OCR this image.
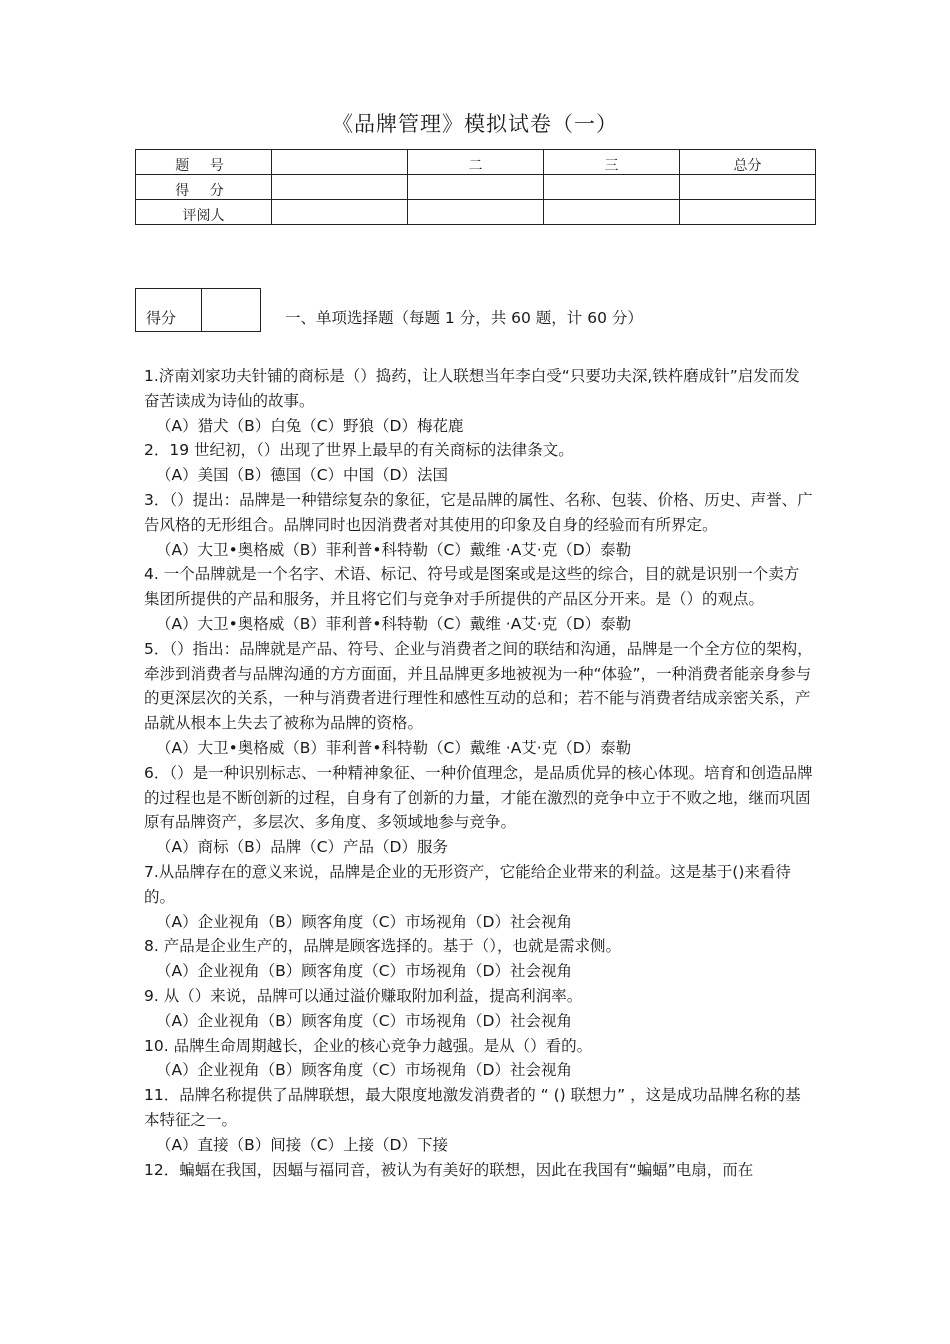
《品牌管理》模拟试卷（一）
题 号		二	三	总分
得 分				
评阅人				
得分	一、单项选择题（每题 1 分，共 60 题，计 60 分）

1.济南刘家功夫针铺的商标是（）捣药，让人联想当年李白受“只要功夫深,铁杵磨成针”启发而发奋苦读成为诗仙的故事。

（A）猎犬（B）白兔（C）野狼（D）梅花鹿

2．19 世纪初，（）出现了世界上最早的有关商标的法律条文。

（A）美国（B）德国（C）中国（D）法国

3．（）提出：品牌是一种错综复杂的象征，它是品牌的属性、名称、包装、价格、历史、声誉、广告风格的无形组合。品牌同时也因消费者对其使用的印象及自身的经验而有所界定。

（A）大卫•奥格威（B）菲利普•科特勒（C）戴维 ·A艾·克（D）泰勒

4. 一个品牌就是一个名字、术语、标记、符号或是图案或是这些的综合，目的就是识别一个卖方集团所提供的产品和服务，并且将它们与竞争对手所提供的产品区分开来。是（）的观点。

（A）大卫•奥格威（B）菲利普•科特勒（C）戴维 ·A艾·克（D）泰勒

5．（）指出：品牌就是产品、符号、企业与消费者之间的联结和沟通，品牌是一个全方位的架构，牵涉到消费者与品牌沟通的方方面面，并且品牌更多地被视为一种“体验”，一种消费者能亲身参与的更深层次的关系，一种与消费者进行理性和感性互动的总和；若不能与消费者结成亲密关系，产品就从根本上失去了被称为品牌的资格。

（A）大卫•奥格威（B）菲利普•科特勒（C）戴维 ·A艾·克（D）泰勒

6．（）是一种识别标志、一种精神象征、一种价值理念，是品质优异的核心体现。培育和创造品牌的过程也是不断创新的过程，自身有了创新的力量，才能在激烈的竞争中立于不败之地，继而巩固原有品牌资产，多层次、多角度、多领域地参与竞争。

（A）商标（B）品牌（C）产品（D）服务

7.从品牌存在的意义来说，品牌是企业的无形资产，它能给企业带来的利益。这是基于()来看待的。

（A）企业视角（B）顾客角度（C）市场视角（D）社会视角

8. 产品是企业生产的，品牌是顾客选择的。基于（），也就是需求侧。

（A）企业视角（B）顾客角度（C）市场视角（D）社会视角

9. 从（）来说，品牌可以通过溢价赚取附加利益，提高利润率。

（A）企业视角（B）顾客角度（C）市场视角（D）社会视角

10. 品牌生命周期越长，企业的核心竞争力越强。是从（）看的。

（A）企业视角（B）顾客角度（C）市场视角（D）社会视角

11．品牌名称提供了品牌联想，最大限度地激发消费者的 “ () 联想力” ，这是成功品牌名称的基本特征之一。

（A）直接（B）间接（C）上接（D）下接

12．蝙蝠在我国，因蝠与福同音，被认为有美好的联想，因此在我国有“蝙蝠”电扇，而在
